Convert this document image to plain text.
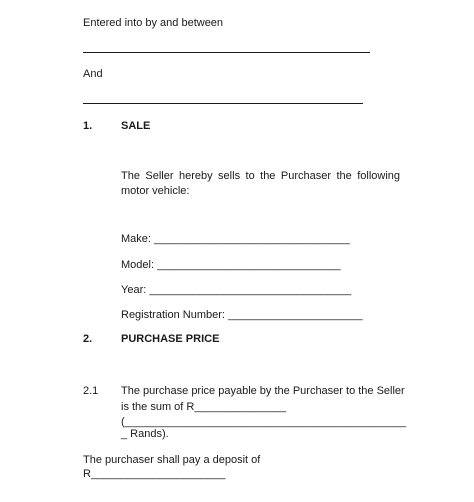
Entered into by and between
And
1.	SALE
The Seller hereby sells to the Purchaser the following motor vehicle:
Make: ________________________________
Model: ______________________________
Year: _________________________________
Registration Number: ______________________
2.	PURCHASE PRICE
2.1 The purchase price payable by the Purchaser to the Seller
is the sum of R_______________
(______________________________________________
_ Rands).
The purchaser shall pay a deposit of
R______________________
